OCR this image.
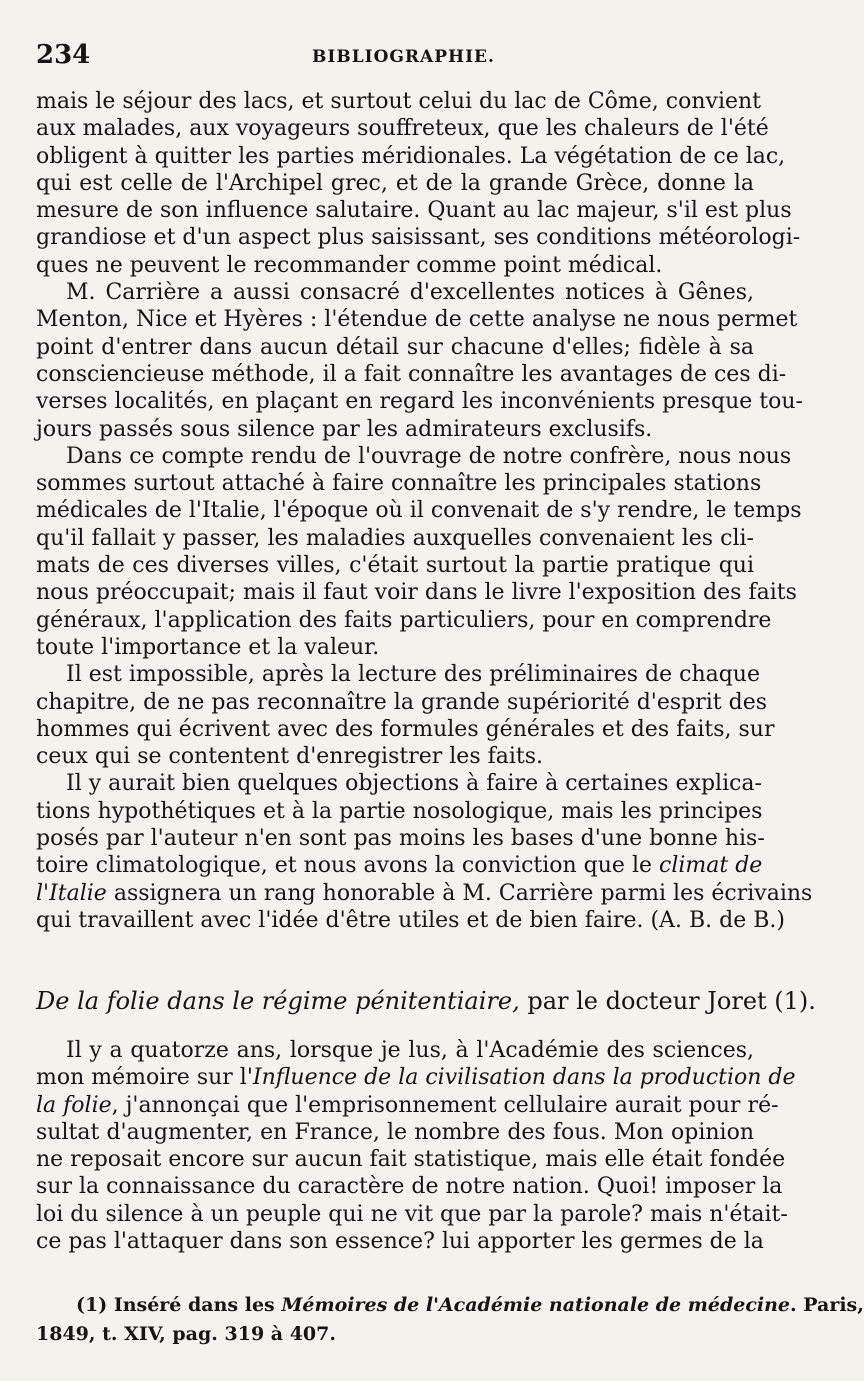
234	BIBLIOGRAPHIE.
mais le séjour des lacs, et surtout celui du lac de Côme, convient
aux malades, aux voyageurs souffreteux, que les chaleurs de l'été
obligent à quitter les parties méridionales. La végétation de ce lac,
qui est celle de l'Archipel grec, et de la grande Grèce, donne la
mesure de son influence salutaire. Quant au lac majeur, s'il est plus
grandiose et d'un aspect plus saisissant, ses conditions météorologi-
ques ne peuvent le recommander comme point médical.
M. Carrière a aussi consacré d'excellentes notices à Gênes,
Menton, Nice et Hyères : l'étendue de cette analyse ne nous permet
point d'entrer dans aucun détail sur chacune d'elles; fidèle à sa
consciencieuse méthode, il a fait connaître les avantages de ces di-
verses localités, en plaçant en regard les inconvénients presque tou-
jours passés sous silence par les admirateurs exclusifs.
Dans ce compte rendu de l'ouvrage de notre confrère, nous nous
sommes surtout attaché à faire connaître les principales stations
médicales de l'Italie, l'époque où il convenait de s'y rendre, le temps
qu'il fallait y passer, les maladies auxquelles convenaient les cli-
mats de ces diverses villes, c'était surtout la partie pratique qui
nous préoccupait; mais il faut voir dans le livre l'exposition des faits
généraux, l'application des faits particuliers, pour en comprendre
toute l'importance et la valeur.
Il est impossible, après la lecture des préliminaires de chaque
chapitre, de ne pas reconnaître la grande supériorité d'esprit des
hommes qui écrivent avec des formules générales et des faits, sur
ceux qui se contentent d'enregistrer les faits.
Il y aurait bien quelques objections à faire à certaines explica-
tions hypothétiques et à la partie nosologique, mais les principes
posés par l'auteur n'en sont pas moins les bases d'une bonne his-
toire climatologique, et nous avons la conviction que le climat de
l'Italie assignera un rang honorable à M. Carrière parmi les écrivains
qui travaillent avec l'idée d'être utiles et de bien faire. (A. B. de B.)
De la folie dans le régime pénitentiaire, par le docteur Joret (1).
Il y a quatorze ans, lorsque je lus, à l'Académie des sciences,
mon mémoire sur l'Influence de la civilisation dans la production de
la folie, j'annonçai que l'emprisonnement cellulaire aurait pour ré-
sultat d'augmenter, en France, le nombre des fous. Mon opinion
ne reposait encore sur aucun fait statistique, mais elle était fondée
sur la connaissance du caractère de notre nation. Quoi! imposer la
loi du silence à un peuple qui ne vit que par la parole? mais n'était-
ce pas l'attaquer dans son essence? lui apporter les germes de la
(1) Inséré dans les Mémoires de l'Académie nationale de médecine. Paris,
1849, t. XIV, pag. 319 à 407.
